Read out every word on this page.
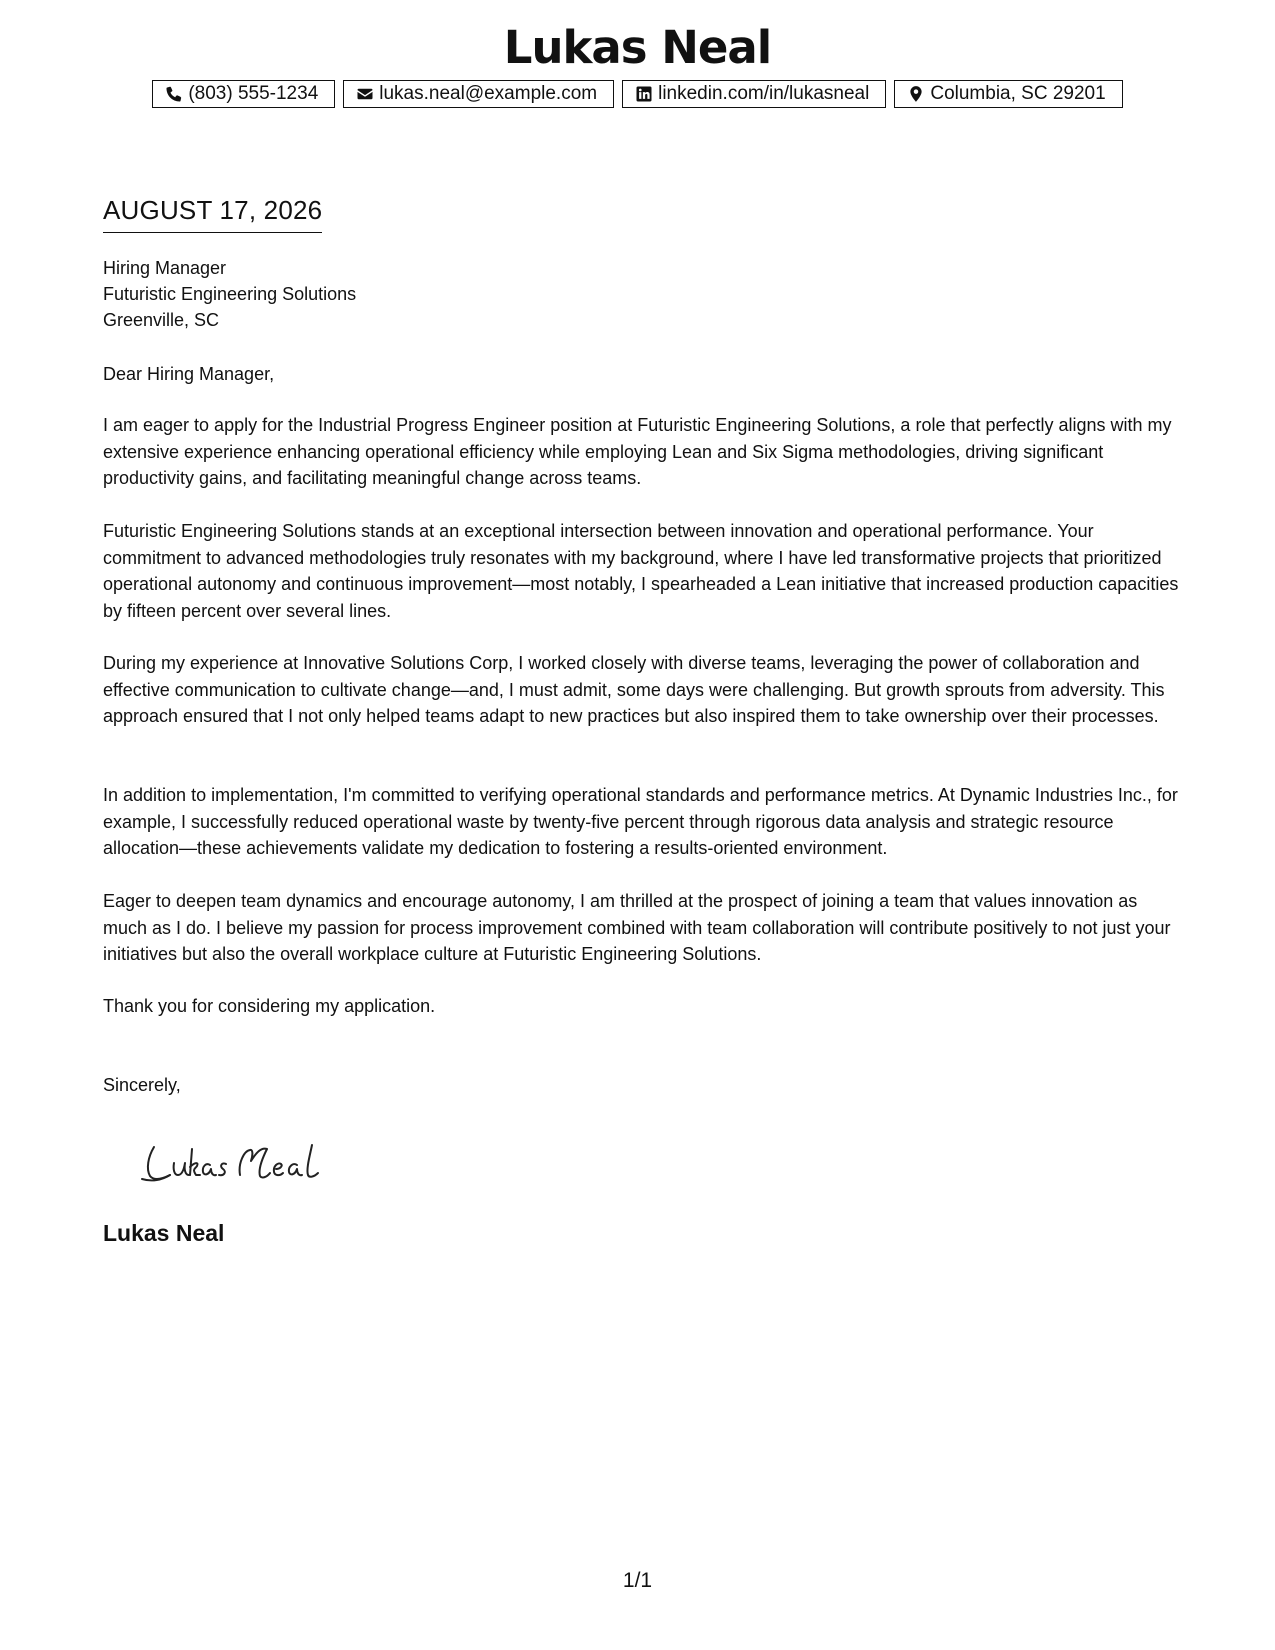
Lukas Neal
(803) 555-1234	lukas.neal@example.com	linkedin.com/in/lukasneal	Columbia, SC 29201
AUGUST 17, 2026
Hiring Manager
Futuristic Engineering Solutions
Greenville, SC

Dear Hiring Manager,

I am eager to apply for the Industrial Progress Engineer position at Futuristic Engineering Solutions, a role that perfectly aligns with my extensive experience enhancing operational efficiency while employing Lean and Six Sigma methodologies, driving significant productivity gains, and facilitating meaningful change across teams.

Futuristic Engineering Solutions stands at an exceptional intersection between innovation and operational performance. Your commitment to advanced methodologies truly resonates with my background, where I have led transformative projects that prioritized operational autonomy and continuous improvement—most notably, I spearheaded a Lean initiative that increased production capacities by fifteen percent over several lines.

During my experience at Innovative Solutions Corp, I worked closely with diverse teams, leveraging the power of collaboration and effective communication to cultivate change—and, I must admit, some days were challenging. But growth sprouts from adversity. This approach ensured that I not only helped teams adapt to new practices but also inspired them to take ownership over their processes.

In addition to implementation, I'm committed to verifying operational standards and performance metrics. At Dynamic Industries Inc., for example, I successfully reduced operational waste by twenty-five percent through rigorous data analysis and strategic resource allocation—these achievements validate my dedication to fostering a results-oriented environment.

Eager to deepen team dynamics and encourage autonomy, I am thrilled at the prospect of joining a team that values innovation as much as I do. I believe my passion for process improvement combined with team collaboration will contribute positively to not just your initiatives but also the overall workplace culture at Futuristic Engineering Solutions.

Thank you for considering my application.

Sincerely,

Lukas Neal
1/1
